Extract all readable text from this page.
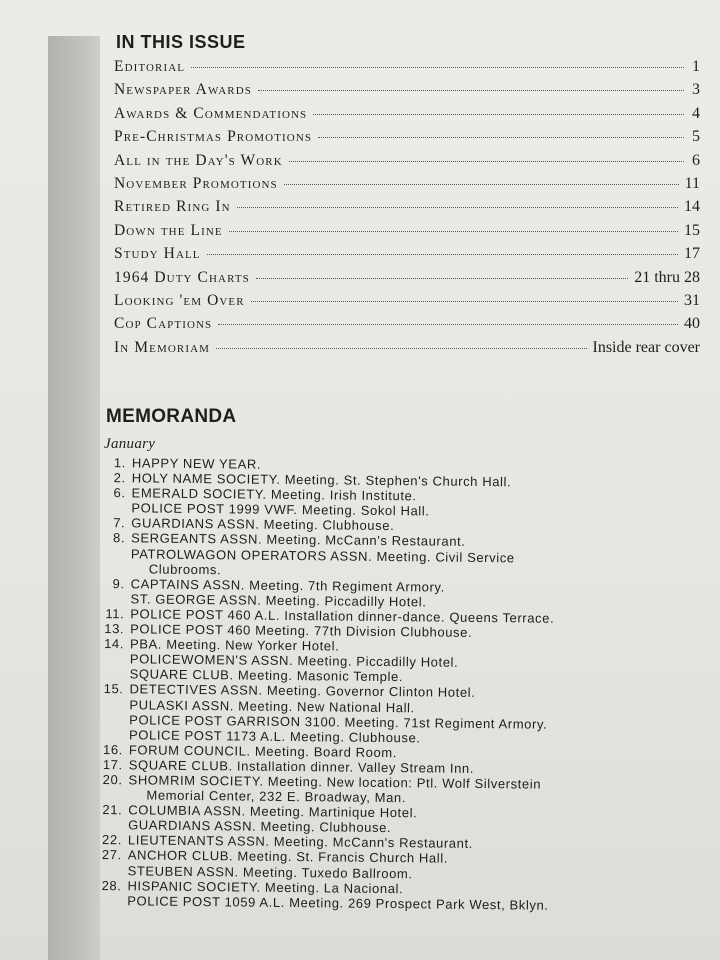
IN THIS ISSUE
Editorial	1
Newspaper Awards	3
Awards & Commendations	4
Pre-Christmas Promotions	5
All in the Day's Work	6
November Promotions	11
Retired Ring In	14
Down the Line	15
Study Hall	17
1964 Duty Charts	21 thru 28
Looking 'em Over	31
Cop Captions	40
In Memoriam	Inside rear cover
MEMORANDA
January
1. HAPPY NEW YEAR.
2. HOLY NAME SOCIETY. Meeting. St. Stephen's Church Hall.
6. EMERALD SOCIETY. Meeting. Irish Institute.
POLICE POST 1999 VWF. Meeting. Sokol Hall.
7. GUARDIANS ASSN. Meeting. Clubhouse.
8. SERGEANTS ASSN. Meeting. McCann's Restaurant.
PATROLWAGON OPERATORS ASSN. Meeting. Civil Service
Clubrooms.
9. CAPTAINS ASSN. Meeting. 7th Regiment Armory.
ST. GEORGE ASSN. Meeting. Piccadilly Hotel.
11. POLICE POST 460 A.L. Installation dinner-dance. Queens Terrace.
13. POLICE POST 460 Meeting. 77th Division Clubhouse.
14. PBA. Meeting. New Yorker Hotel.
POLICEWOMEN'S ASSN. Meeting. Piccadilly Hotel.
SQUARE CLUB. Meeting. Masonic Temple.
15. DETECTIVES ASSN. Meeting. Governor Clinton Hotel.
PULASKI ASSN. Meeting. New National Hall.
POLICE POST GARRISON 3100. Meeting. 71st Regiment Armory.
POLICE POST 1173 A.L. Meeting. Clubhouse.
16. FORUM COUNCIL. Meeting. Board Room.
17. SQUARE CLUB. Installation dinner. Valley Stream Inn.
20. SHOMRIM SOCIETY. Meeting. New location: Ptl. Wolf Silverstein
Memorial Center, 232 E. Broadway, Man.
21. COLUMBIA ASSN. Meeting. Martinique Hotel.
GUARDIANS ASSN. Meeting. Clubhouse.
22. LIEUTENANTS ASSN. Meeting. McCann's Restaurant.
27. ANCHOR CLUB. Meeting. St. Francis Church Hall.
STEUBEN ASSN. Meeting. Tuxedo Ballroom.
28. HISPANIC SOCIETY. Meeting. La Nacional.
POLICE POST 1059 A.L. Meeting. 269 Prospect Park West, Bklyn.
